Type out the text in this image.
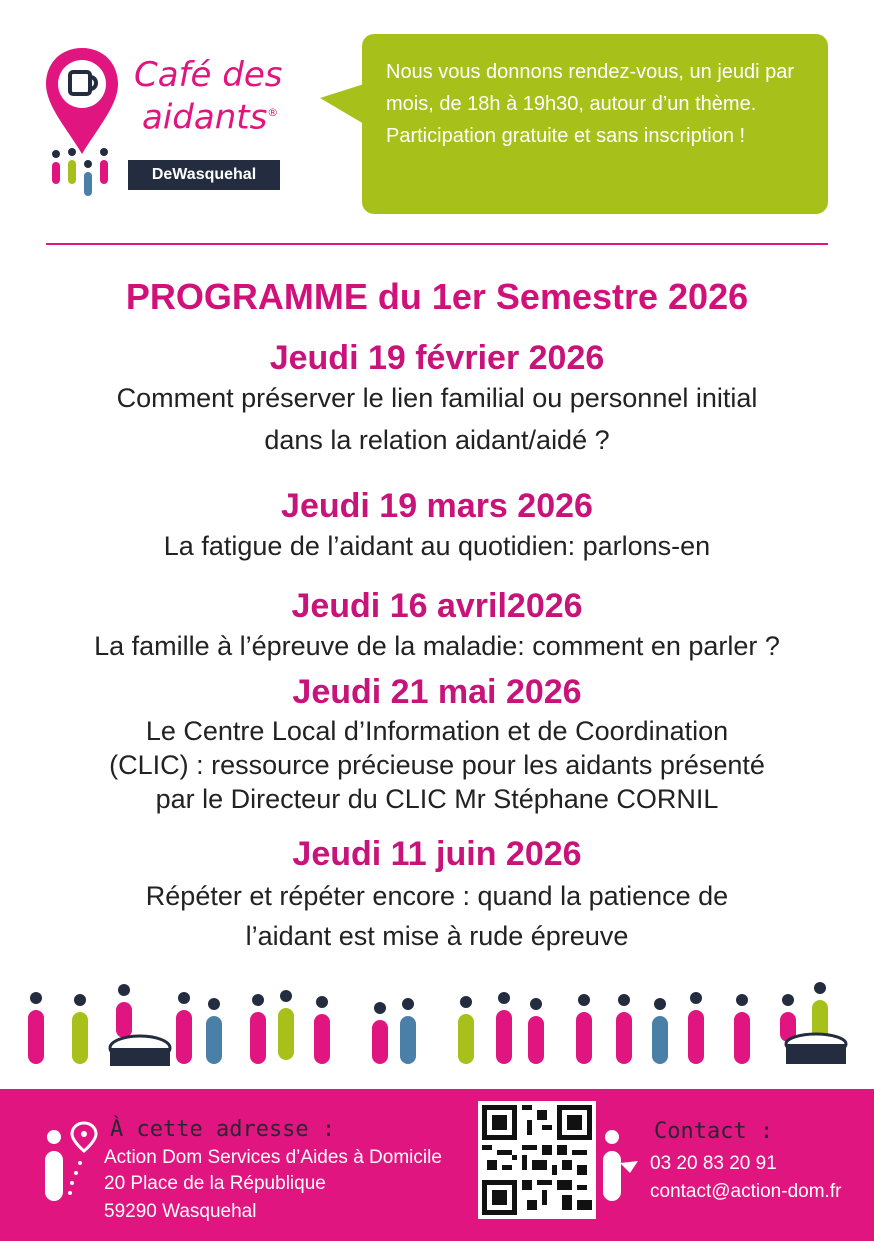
Café des
aidants®
DeWasquehal

Nous vous donnons rendez-vous, un jeudi par mois, de 18h à 19h30, autour d’un thème. Participation gratuite et sans inscription !

PROGRAMME du 1er Semestre 2026
Jeudi 19 février 2026
Comment préserver le lien familial ou personnel initial
dans la relation aidant/aidé ?
Jeudi 19 mars 2026
La fatigue de l’aidant au quotidien: parlons-en
Jeudi 16 avril2026
La famille à l’épreuve de la maladie: comment en parler ?
Jeudi 21 mai 2026
Le Centre Local d’Information et de Coordination
(CLIC) : ressource précieuse pour les aidants présenté
par le Directeur du CLIC Mr Stéphane CORNIL
Jeudi 11 juin 2026
Répéter et répéter encore : quand la patience de
l’aidant est mise à rude épreuve
À cette adresse :
Action Dom Services d’Aides à Domicile
20 Place de la République
59290 Wasquehal
Contact :
03 20 83 20 91
contact@action-dom.fr
